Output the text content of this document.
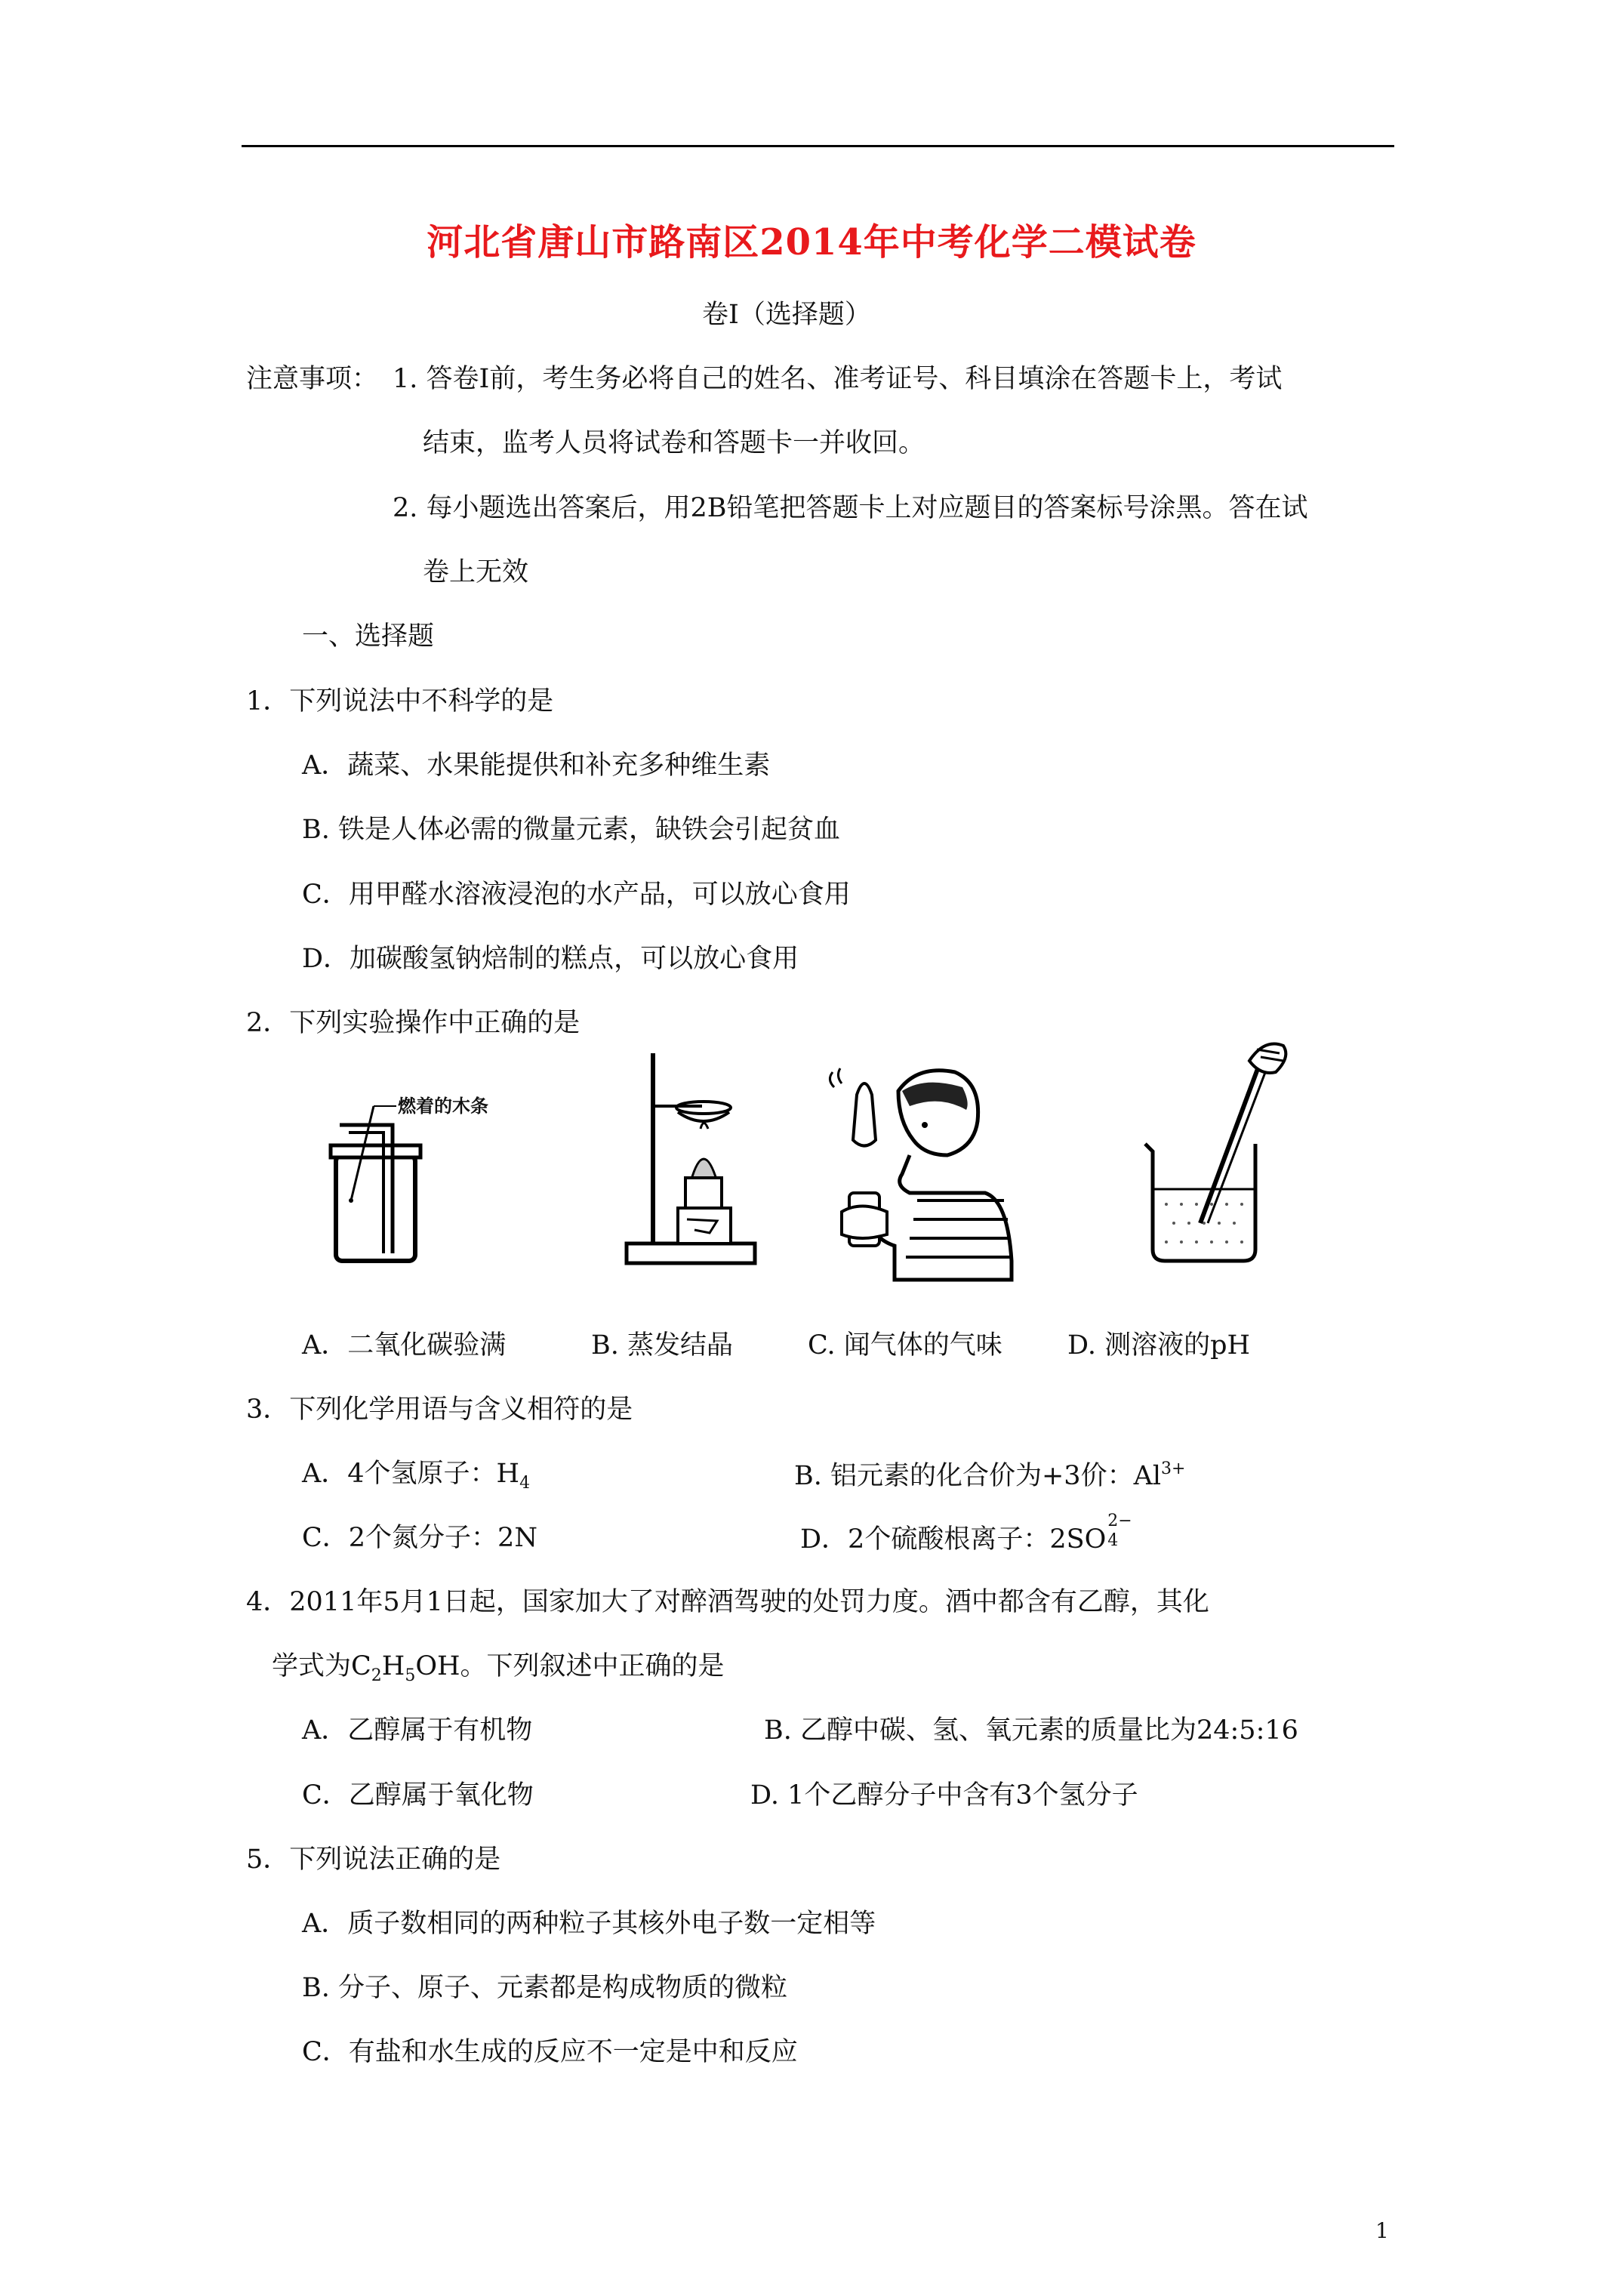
河北省唐山市路南区2014年中考化学二模试卷
卷Ⅰ（选择题）
注意事项： 1. 答卷Ⅰ前，考生务必将自己的姓名、准考证号、科目填涂在答题卡上，考试
结束，监考人员将试卷和答题卡一并收回。
2. 每小题选出答案后，用2B铅笔把答题卡上对应题目的答案标号涂黑。答在试
卷上无效
一、选择题
1．下列说法中不科学的是
A．蔬菜、水果能提供和补充多种维生素
B. 铁是人体必需的微量元素，缺铁会引起贫血
C．用甲醛水溶液浸泡的水产品，可以放心食用
D．加碳酸氢钠焙制的糕点，可以放心食用
2．下列实验操作中正确的是
燃着的木条
A．二氧化碳验满	B. 蒸发结晶	C. 闻气体的气味 D. 测溶液的pH
3．下列化学用语与含义相符的是
A．4个氢原子：$H_4$	B. 铝元素的化合价为+3价：$Al^{3+}$
C．2个氮分子：2N	D．2个硫酸根离子：2SO 4
2−
4．2011年5月1日起，国家加大了对醉酒驾驶的处罚力度。酒中都含有乙醇，其化
学式为$C_2H_5OH$。下列叙述中正确的是
A．乙醇属于有机物	B. 乙醇中碳、氢、氧元素的质量比为24:5:16
C．乙醇属于氧化物	D. 1个乙醇分子中含有3个氢分子
5．下列说法正确的是
A．质子数相同的两种粒子其核外电子数一定相等
B. 分子、原子、元素都是构成物质的微粒
C．有盐和水生成的反应不一定是中和反应
1
